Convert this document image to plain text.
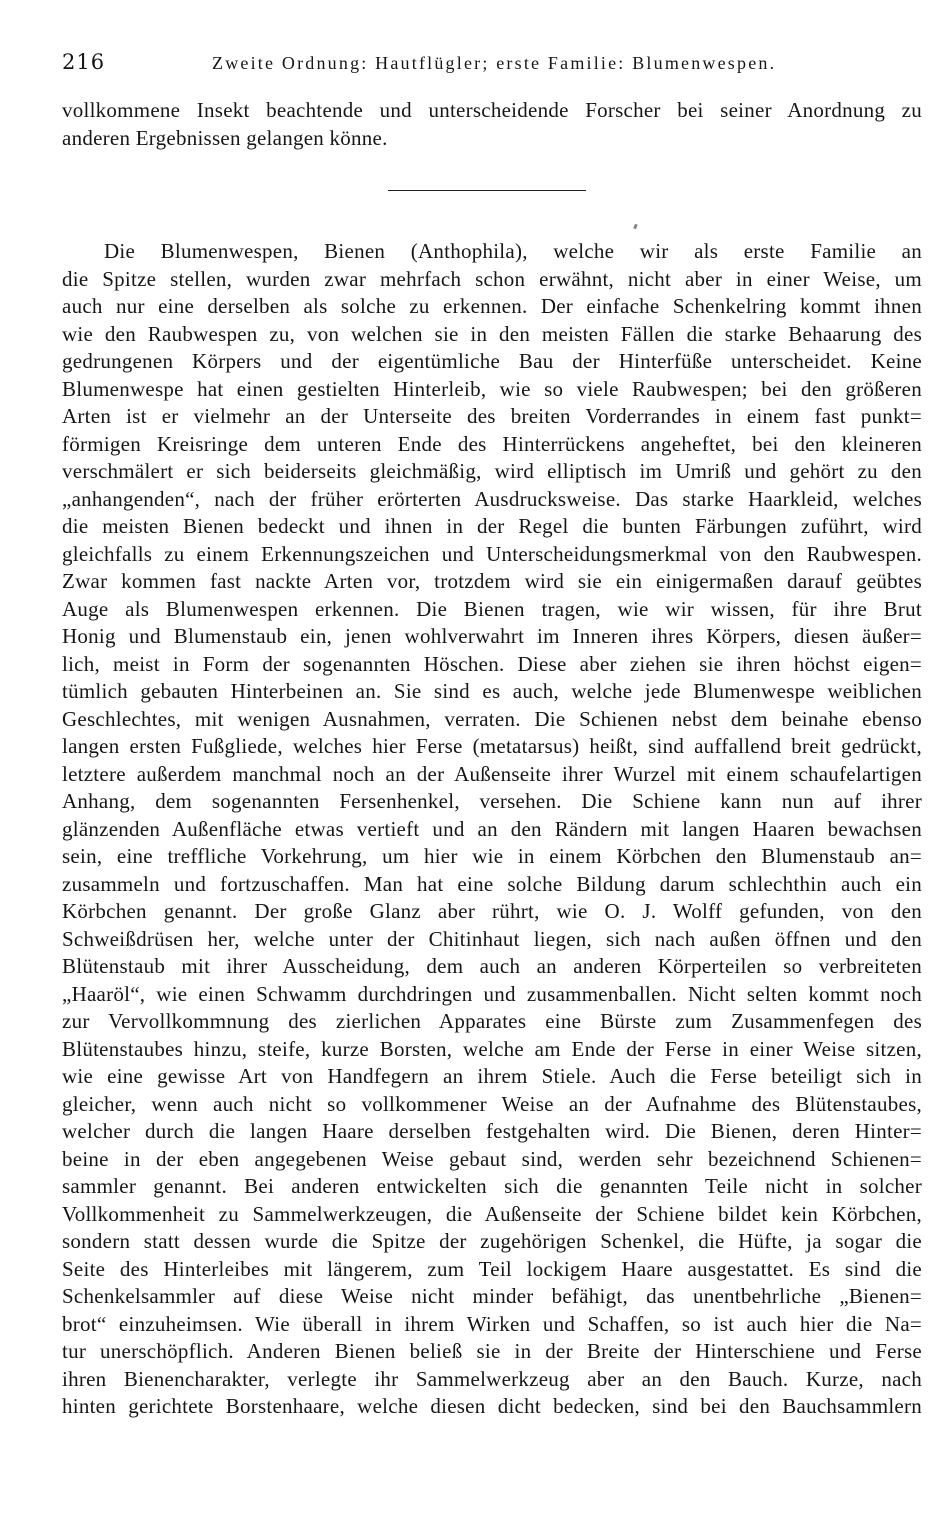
216	Zweite Ordnung: Hautflügler; erste Familie: Blumenwespen.
vollkommene Insekt beachtende und unterscheidende Forscher bei seiner Anordnung zu
anderen Ergebnissen gelangen könne.
Die Blumenwespen, Bienen (Anthophila), welche wir als erste Familie an
die Spitze stellen, wurden zwar mehrfach schon erwähnt, nicht aber in einer Weise, um
auch nur eine derselben als solche zu erkennen. Der einfache Schenkelring kommt ihnen
wie den Raubwespen zu, von welchen sie in den meisten Fällen die starke Behaarung des
gedrungenen Körpers und der eigentümliche Bau der Hinterfüße unterscheidet. Keine
Blumenwespe hat einen gestielten Hinterleib, wie so viele Raubwespen; bei den größeren
Arten ist er vielmehr an der Unterseite des breiten Vorderrandes in einem fast punkt=
förmigen Kreisringe dem unteren Ende des Hinterrückens angeheftet, bei den kleineren
verschmälert er sich beiderseits gleichmäßig, wird elliptisch im Umriß und gehört zu den
„anhangenden“, nach der früher erörterten Ausdrucksweise. Das starke Haarkleid, welches
die meisten Bienen bedeckt und ihnen in der Regel die bunten Färbungen zuführt, wird
gleichfalls zu einem Erkennungszeichen und Unterscheidungsmerkmal von den Raubwespen.
Zwar kommen fast nackte Arten vor, trotzdem wird sie ein einigermaßen darauf geübtes
Auge als Blumenwespen erkennen. Die Bienen tragen, wie wir wissen, für ihre Brut
Honig und Blumenstaub ein, jenen wohlverwahrt im Inneren ihres Körpers, diesen äußer=
lich, meist in Form der sogenannten Höschen. Diese aber ziehen sie ihren höchst eigen=
tümlich gebauten Hinterbeinen an. Sie sind es auch, welche jede Blumenwespe weiblichen
Geschlechtes, mit wenigen Ausnahmen, verraten. Die Schienen nebst dem beinahe ebenso
langen ersten Fußgliede, welches hier Ferse (metatarsus) heißt, sind auffallend breit gedrückt,
letztere außerdem manchmal noch an der Außenseite ihrer Wurzel mit einem schaufelartigen
Anhang, dem sogenannten Fersenhenkel, versehen. Die Schiene kann nun auf ihrer
glänzenden Außenfläche etwas vertieft und an den Rändern mit langen Haaren bewachsen
sein, eine treffliche Vorkehrung, um hier wie in einem Körbchen den Blumenstaub an=
zusammeln und fortzuschaffen. Man hat eine solche Bildung darum schlechthin auch ein
Körbchen genannt. Der große Glanz aber rührt, wie O. J. Wolff gefunden, von den
Schweißdrüsen her, welche unter der Chitinhaut liegen, sich nach außen öffnen und den
Blütenstaub mit ihrer Ausscheidung, dem auch an anderen Körperteilen so verbreiteten
„Haaröl“, wie einen Schwamm durchdringen und zusammenballen. Nicht selten kommt noch
zur Vervollkommnung des zierlichen Apparates eine Bürste zum Zusammenfegen des
Blütenstaubes hinzu, steife, kurze Borsten, welche am Ende der Ferse in einer Weise sitzen,
wie eine gewisse Art von Handfegern an ihrem Stiele. Auch die Ferse beteiligt sich in
gleicher, wenn auch nicht so vollkommener Weise an der Aufnahme des Blütenstaubes,
welcher durch die langen Haare derselben festgehalten wird. Die Bienen, deren Hinter=
beine in der eben angegebenen Weise gebaut sind, werden sehr bezeichnend Schienen=
sammler genannt. Bei anderen entwickelten sich die genannten Teile nicht in solcher
Vollkommenheit zu Sammelwerkzeugen, die Außenseite der Schiene bildet kein Körbchen,
sondern statt dessen wurde die Spitze der zugehörigen Schenkel, die Hüfte, ja sogar die
Seite des Hinterleibes mit längerem, zum Teil lockigem Haare ausgestattet. Es sind die
Schenkelsammler auf diese Weise nicht minder befähigt, das unentbehrliche „Bienen=
brot“ einzuheimsen. Wie überall in ihrem Wirken und Schaffen, so ist auch hier die Na=
tur unerschöpflich. Anderen Bienen beließ sie in der Breite der Hinterschiene und Ferse
ihren Bienencharakter, verlegte ihr Sammelwerkzeug aber an den Bauch. Kurze, nach
hinten gerichtete Borstenhaare, welche diesen dicht bedecken, sind bei den Bauchsammlern
